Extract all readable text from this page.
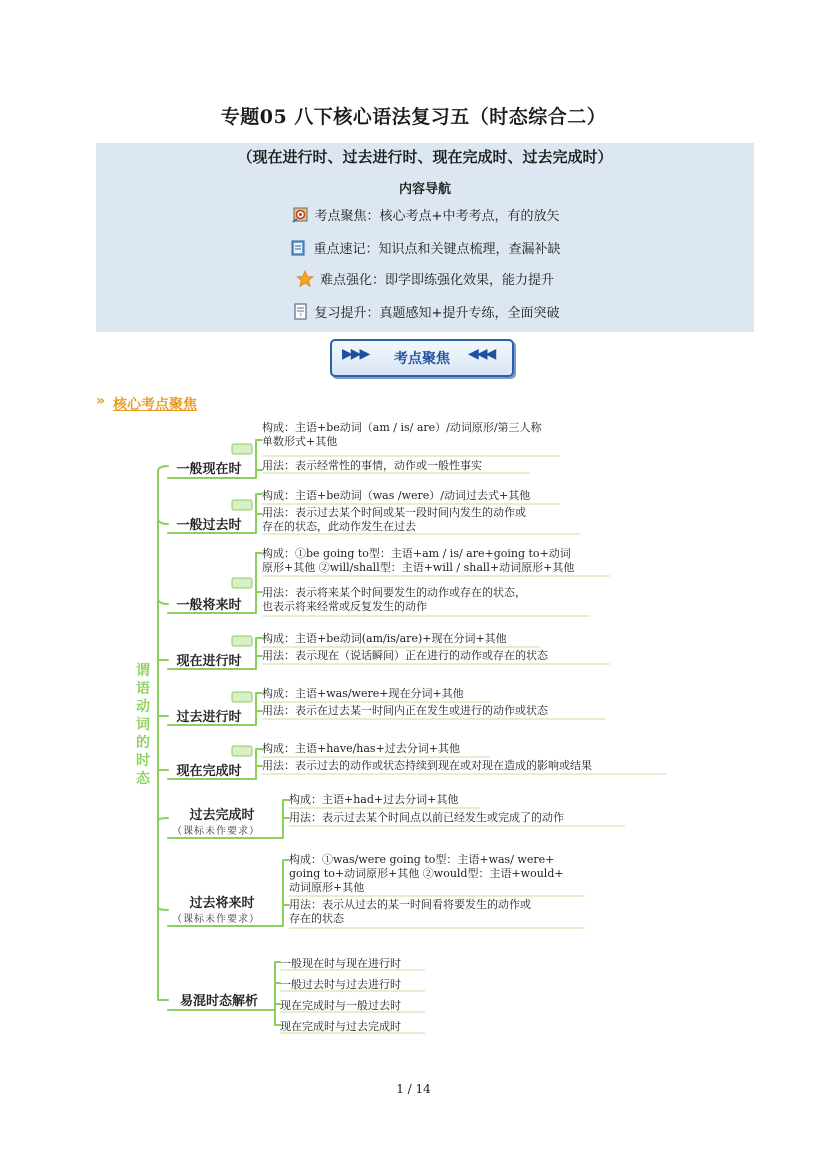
专题05 八下核心语法复习五（时态综合二）
（现在进行时、过去进行时、现在完成时、过去完成时）
内容导航
考点聚焦：核心考点+中考考点，有的放矢
重点速记：知识点和关键点梳理，查漏补缺
难点强化：即学即练强化效果，能力提升
? 复习提升：真题感知+提升专练，全面突破
▶▶▶	考点聚焦	◀◀◀
» 核心考点聚焦
谓语动词的时态
一般现在时
一般过去时
一般将来时
现在进行时
过去进行时
现在完成时
过去完成时
（课标未作要求）
过去将来时
（课标未作要求）
易混时态解析
构成：主语+be动词（am / is/ are）/动词原形/第三人称
单数形式+其他
用法：表示经常性的事情，动作或一般性事实
构成：主语+be动词（was /were）/动词过去式+其他
用法：表示过去某个时间或某一段时间内发生的动作或
存在的状态，此动作发生在过去
构成：①be going to型：主语+am / is/ are+going to+动词
原形+其他 ②will/shall型：主语+will / shall+动词原形+其他
用法：表示将来某个时间要发生的动作或存在的状态，
也表示将来经常或反复发生的动作
构成：主语+be动词(am/is/are)+现在分词+其他
用法：表示现在（说话瞬间）正在进行的动作或存在的状态
构成：主语+was/were+现在分词+其他
用法：表示在过去某一时间内正在发生或进行的动作或状态
构成：主语+have/has+过去分词+其他
用法：表示过去的动作或状态持续到现在或对现在造成的影响或结果
构成：主语+had+过去分词+其他
用法：表示过去某个时间点以前已经发生或完成了的动作
构成：①was/were going to型：主语+was/ were+
going to+动词原形+其他 ②would型：主语+would+
动词原形+其他
用法：表示从过去的某一时间看将要发生的动作或
存在的状态
一般现在时与现在进行时
一般过去时与过去进行时
现在完成时与一般过去时
现在完成时与过去完成时
1 / 14
